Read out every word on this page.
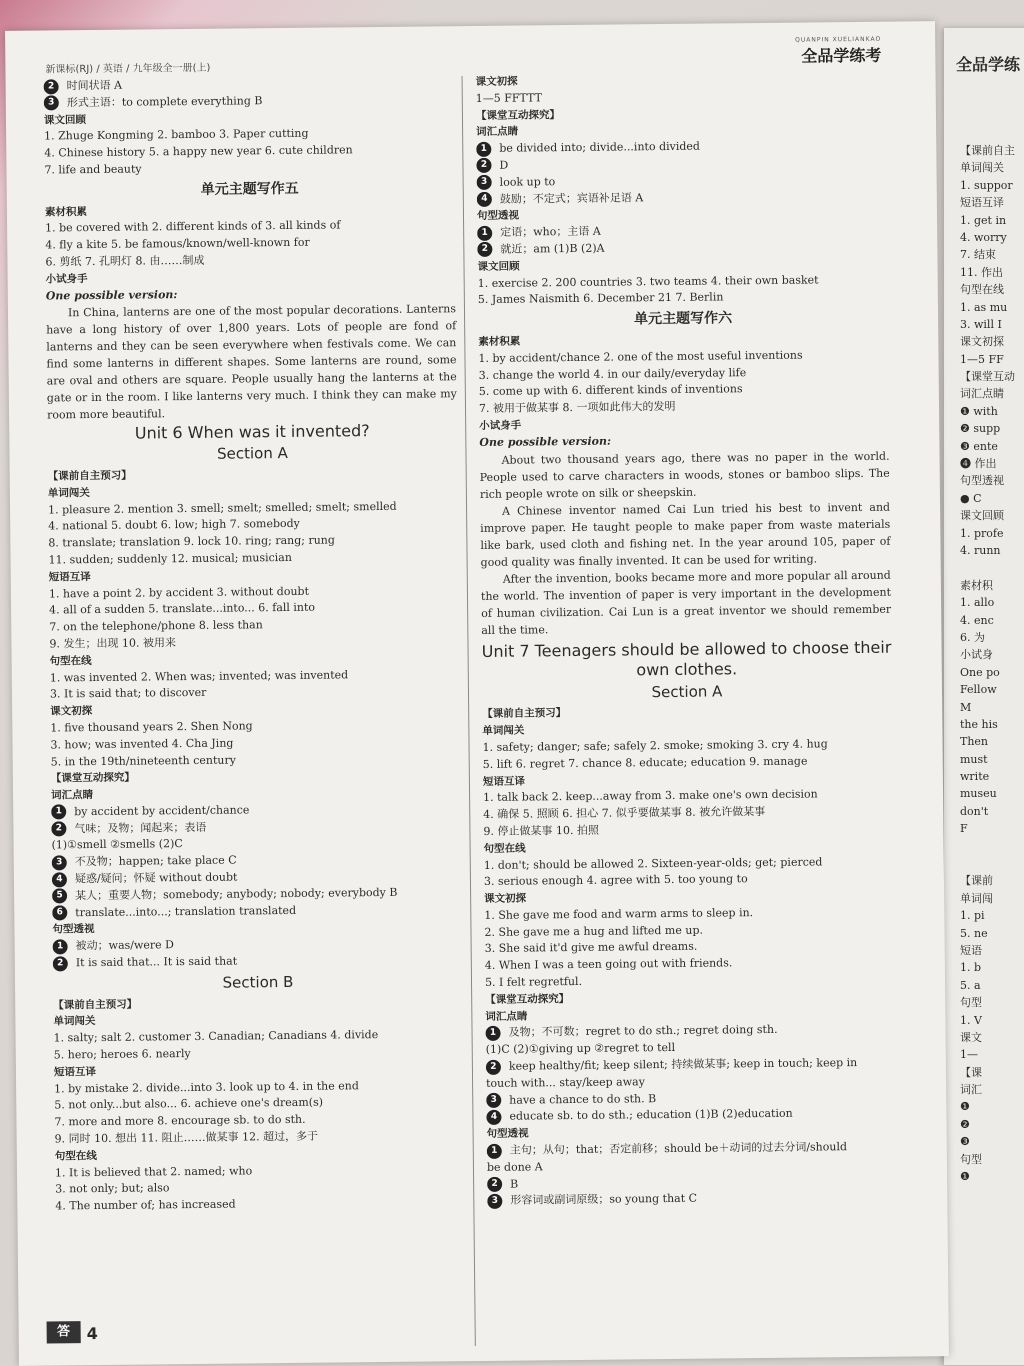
全品学练
【课前自主
单词闯关
1. suppor
短语互译
1. get in
4. worry
7. 结束
11. 作出
句型在线
1. as mu
3. will I
课文初探
1—5 FF
【课堂互动
词汇点睛
❶ with
❷ supp
❸ ente
❹ 作出
句型透视
● C
课文回顾
1. profe
4. runn
素材积
1. allo
4. enc
6. 为
小试身
One po
Fellow
M
the his
Then
must
write
museu
don't
F
【课前
单词闯
1. pi
5. ne
短语
1. b
5. a
句型
1. V
课文
1—
【课
词汇
❶
❷
❸
句型
❶
新课标(RJ) / 英语 / 九年级全一册(上)
QUANPIN XUELIANKAO
全品学练考
2 时间状语 A
3 形式主语：to complete everything B
课文回顾
1. Zhuge Kongming 2. bamboo 3. Paper cutting
4. Chinese history 5. a happy new year 6. cute children
7. life and beauty
单元主题写作五
素材积累
1. be covered with 2. different kinds of 3. all kinds of
4. fly a kite 5. be famous/known/well-known for
6. 剪纸 7. 孔明灯 8. 由……制成
小试身手
One possible version:
In China, lanterns are one of the most popular decorations. Lanterns have a long history of over 1,800 years. Lots of people are fond of lanterns and they can be seen everywhere when festivals come. We can find some lanterns in different shapes. Some lanterns are round, some are oval and others are square. People usually hang the lanterns at the gate or in the room. I like lanterns very much. I think they can make my room more beautiful.
Unit 6 When was it invented?
Section A
【课前自主预习】
单词闯关
1. pleasure 2. mention 3. smell; smelt; smelled; smelt; smelled
4. national 5. doubt 6. low; high 7. somebody
8. translate; translation 9. lock 10. ring; rang; rung
11. sudden; suddenly 12. musical; musician
短语互译
1. have a point 2. by accident 3. without doubt
4. all of a sudden 5. translate...into... 6. fall into
7. on the telephone/phone 8. less than
9. 发生；出现 10. 被用来
句型在线
1. was invented 2. When was; invented; was invented
3. It is said that; to discover
课文初探
1. five thousand years 2. Shen Nong
3. how; was invented 4. Cha Jing
5. in the 19th/nineteenth century
【课堂互动探究】
词汇点睛
1 by accident by accident/chance
2 气味；及物；闻起来；表语
(1)①smell ②smells (2)C
3 不及物；happen; take place C
4 疑惑/疑问；怀疑 without doubt
5 某人；重要人物；somebody; anybody; nobody; everybody B
6 translate...into...; translation translated
句型透视
1 被动；was/were D
2 It is said that... It is said that
Section B
【课前自主预习】
单词闯关
1. salty; salt 2. customer 3. Canadian; Canadians 4. divide
5. hero; heroes 6. nearly
短语互译
1. by mistake 2. divide...into 3. look up to 4. in the end
5. not only...but also... 6. achieve one's dream(s)
7. more and more 8. encourage sb. to do sth.
9. 同时 10. 想出 11. 阻止……做某事 12. 超过，多于
句型在线
1. It is believed that 2. named; who
3. not only; but; also
4. The number of; has increased
课文初探
1—5 FFTTT
【课堂互动探究】
词汇点睛
1 be divided into; divide...into divided
2 D
3 look up to
4 鼓励；不定式；宾语补足语 A
句型透视
1 定语；who；主语 A
2 就近；am (1)B (2)A
课文回顾
1. exercise 2. 200 countries 3. two teams 4. their own basket
5. James Naismith 6. December 21 7. Berlin
单元主题写作六
素材积累
1. by accident/chance 2. one of the most useful inventions
3. change the world 4. in our daily/everyday life
5. come up with 6. different kinds of inventions
7. 被用于做某事 8. 一项如此伟大的发明
小试身手
One possible version:
About two thousand years ago, there was no paper in the world. People used to carve characters in woods, stones or bamboo slips. The rich people wrote on silk or sheepskin.
A Chinese inventor named Cai Lun tried his best to invent and improve paper. He taught people to make paper from waste materials like bark, used cloth and fishing net. In the year around 105, paper of good quality was finally invented. It can be used for writing.
After the invention, books became more and more popular all around the world. The invention of paper is very important in the development of human civilization. Cai Lun is a great inventor we should remember all the time.
Unit 7 Teenagers should be allowed to choose their own clothes.
Section A
【课前自主预习】
单词闯关
1. safety; danger; safe; safely 2. smoke; smoking 3. cry 4. hug
5. lift 6. regret 7. chance 8. educate; education 9. manage
短语互译
1. talk back 2. keep...away from 3. make one's own decision
4. 确保 5. 照顾 6. 担心 7. 似乎要做某事 8. 被允许做某事
9. 停止做某事 10. 拍照
句型在线
1. don't; should be allowed 2. Sixteen-year-olds; get; pierced
3. serious enough 4. agree with 5. too young to
课文初探
1. She gave me food and warm arms to sleep in.
2. She gave me a hug and lifted me up.
3. She said it'd give me awful dreams.
4. When I was a teen going out with friends.
5. I felt regretful.
【课堂互动探究】
词汇点睛
1 及物；不可数；regret to do sth.; regret doing sth.
(1)C (2)①giving up ②regret to tell
2 keep healthy/fit; keep silent; 持续做某事; keep in touch; keep in
touch with... stay/keep away
3 have a chance to do sth. B
4 educate sb. to do sth.; education (1)B (2)education
句型透视
1 主句；从句；that；否定前移；should be＋动词的过去分词/should
be done A
2 B
3 形容词或副词原级；so young that C
答	4
